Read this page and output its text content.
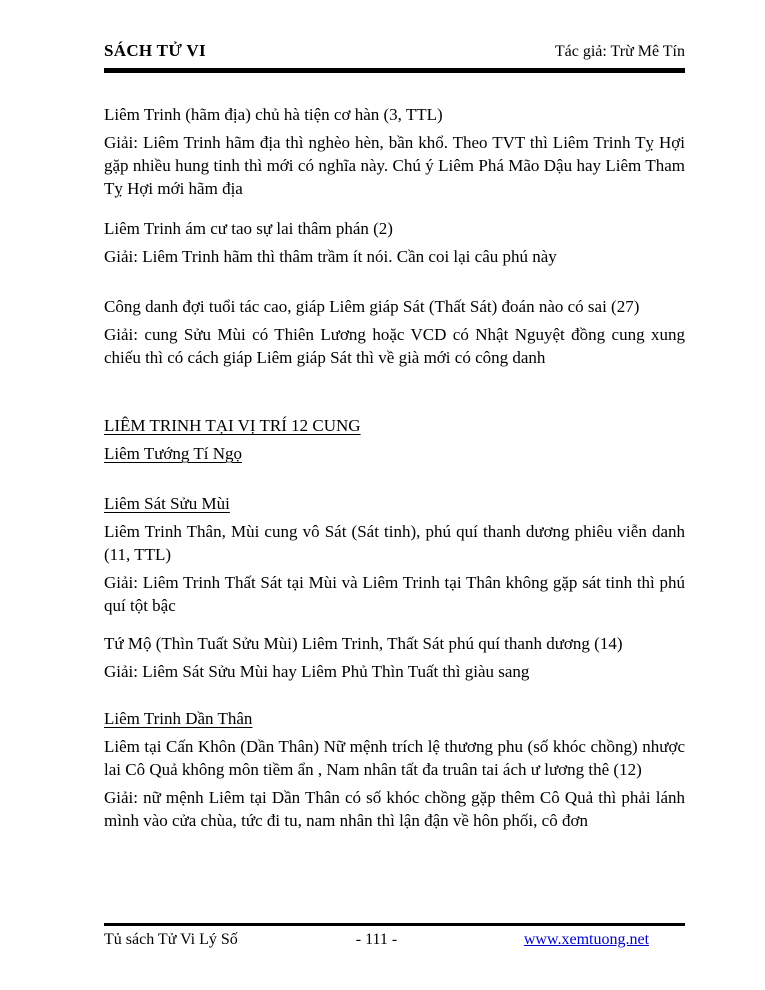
SÁCH TỬ VI	Tác giả: Trừ Mê Tín

Liêm Trinh (hãm địa) chủ hà tiện cơ hàn (3, TTL)

Giải: Liêm Trinh hãm địa thì nghèo hèn, bần khổ. Theo TVT thì Liêm Trinh Tỵ Hợi gặp nhiều hung tinh thì mới có nghĩa này. Chú ý Liêm Phá Mão Dậu hay Liêm Tham Tỵ Hợi mới hãm địa

Liêm Trinh ám cư tao sự lai thâm phán (2)

Giải: Liêm Trinh hãm thì thâm trầm ít nói. Cần coi lại câu phú này

Công danh đợi tuổi tác cao, giáp Liêm giáp Sát (Thất Sát) đoán nào có sai (27)

Giải: cung Sửu Mùi có Thiên Lương hoặc VCD có Nhật Nguyệt đồng cung xung chiếu thì có cách giáp Liêm giáp Sát thì về già mới có công danh

LIÊM TRINH TẠI VỊ TRÍ 12 CUNG

Liêm Tướng Tí Ngọ

Liêm Sát Sửu Mùi

Liêm Trinh Thân, Mùi cung vô Sát (Sát tinh), phú quí thanh dương phiêu viễn danh (11, TTL)

Giải: Liêm Trinh Thất Sát tại Mùi và Liêm Trinh tại Thân không gặp sát tinh thì phú quí tột bậc

Tứ Mộ (Thìn Tuất Sửu Mùi) Liêm Trinh, Thất Sát phú quí thanh dương (14)

Giải: Liêm Sát Sửu Mùi hay Liêm Phủ Thìn Tuất thì giàu sang

Liêm Trinh Dần Thân

Liêm tại Cấn Khôn (Dần Thân) Nữ mệnh trích lệ thương phu (số khóc chồng) nhược lai Cô Quả không môn tiềm ẩn , Nam nhân tất đa truân tai ách ư lương thê (12)

Giải: nữ mệnh Liêm tại Dần Thân có số khóc chồng gặp thêm Cô Quả thì phải lánh mình vào cửa chùa, tức đi tu, nam nhân thì lận đận về hôn phối, cô đơn

Tủ sách Tử Vi Lý Số	- 111 -	www.xemtuong.net
